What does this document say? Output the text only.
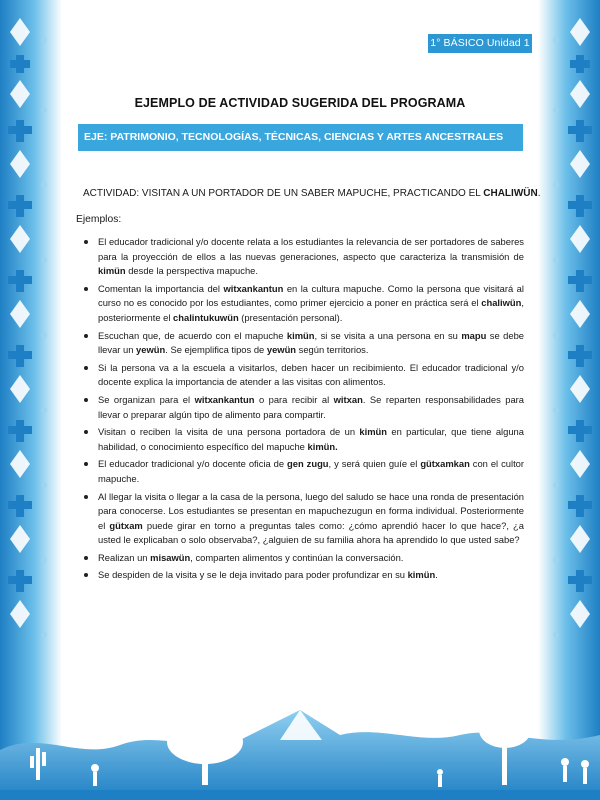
1° BÁSICO Unidad 1
EJEMPLO DE ACTIVIDAD SUGERIDA DEL PROGRAMA
EJE: PATRIMONIO, TECNOLOGÍAS, TÉCNICAS, CIENCIAS Y ARTES ANCESTRALES
ACTIVIDAD: VISITAN A UN PORTADOR DE UN SABER MAPUCHE, PRACTICANDO EL CHALIWÜN.
Ejemplos:
El educador tradicional y/o docente relata a los estudiantes la relevancia de ser portadores de saberes para la proyección de ellos a las nuevas generaciones, aspecto que caracteriza la transmisión de kimün desde la perspectiva mapuche.
Comentan la importancia del witxankantun en la cultura mapuche. Como la persona que visitará al curso no es conocido por los estudiantes, como primer ejercicio a poner en práctica será el chaliwün, posteriormente el chalintukuwün (presentación personal).
Escuchan que, de acuerdo con el mapuche kimün, si se visita a una persona en su mapu se debe llevar un yewün. Se ejemplifica tipos de yewün según territorios.
Si la persona va a la escuela a visitarlos, deben hacer un recibimiento. El educador tradicional y/o docente explica la importancia de atender a las visitas con alimentos.
Se organizan para el witxankantun o para recibir al witxan. Se reparten responsabilidades para llevar o preparar algún tipo de alimento para compartir.
Visitan o reciben la visita de una persona portadora de un kimün en particular, que tiene alguna habilidad, o conocimiento específico del mapuche kimün.
El educador tradicional y/o docente oficia de gen zugu, y será quien guíe el gütxamkan con el cultor mapuche.
Al llegar la visita o llegar a la casa de la persona, luego del saludo se hace una ronda de presentación para conocerse. Los estudiantes se presentan en mapuchezugun en forma individual. Posteriormente el gütxam puede girar en torno a preguntas tales como: ¿cómo aprendió hacer lo que hace?, ¿a usted le explicaban o solo observaba?, ¿alguien de su familia ahora ha aprendido lo que usted sabe?
Realizan un misawün, comparten alimentos y continúan la conversación.
Se despiden de la visita y se le deja invitado para poder profundizar en su kimün.
